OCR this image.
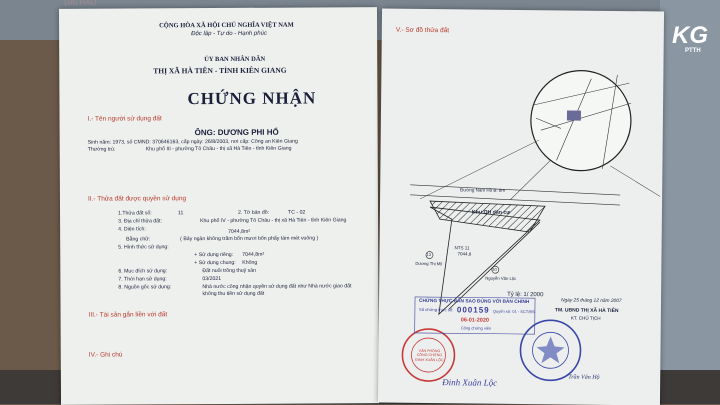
DAI HAU
CỘNG HÒA XÃ HỘI CHỦ NGHĨA VIỆT NAM
Độc lập - Tự do - Hạnh phúc
ỦY BAN NHÂN DÂN
THỊ XÃ HÀ TIÊN - TỈNH KIÊN GIANG
CHỨNG NHẬN
I.- Tên người sử dụng đất
ÔNG: DƯƠNG PHI HỔ
Sinh năm: 1973, số CMND: 370646163, cấp ngày: 26/8/2003, nơi cấp: Công an Kiên Giang
Thường trú:	Khu phố III - phường Tô Châu - thị xã Hà Tiên - tỉnh Kiên Giang
II.- Thửa đất được quyền sử dụng
1.Thửa đất số:	11	2. Tờ bản đồ:	TC - 02
3. Địa chỉ thửa đất:	Khu phố IV - phường Tô Châu - thị xã Hà Tiên - tỉnh Kiên Giang
4. Diện tích:	7044,8m²
Bằng chữ:	( Bảy ngàn không trăm bốn mươi bốn phẩy tám mét vuông )
5. Hình thức sử dụng:
+ Sử dụng riêng: 7044,8m²
+ Sử dụng chung: Không
6. Mục đích sử dụng:	Đất nuôi trồng thuỷ sản
7. Thời hạn sử dụng:	03/2021
8. Nguồn gốc sử dụng:	Nhà nước công nhận quyền sử dụng đất như Nhà nước giao đất
không thu tiền sử dụng đất
III.- Tài sản gắn liền với đất
IV.- Ghi chú
V.- Sơ đồ thửa đất
Đường Nam Hồ B: 8m
Khu QH dân cư
NTS 11
7044,8
13
Dương Thị Mỹ
10
Nguyễn Văn Lộc
Tỷ lệ: 1/ 2000
CHỨNG THỰC BẢN SAO ĐÚNG VỚI BẢN CHÍNH
Số chứng thực số: 000159 Quyển số: 01 - SCT/BS
06-01-2020
Công chứng viên
VĂN PHÒNG CÔNG CHỨNG ĐINH XUÂN LỘC
Đinh Xuân Lộc
Ngày 25 tháng 12 năm 2007
TM. UBND THỊ XÃ HÀ TIÊN
KT. CHỦ TỊCH
Trần Văn Hộ
KG
PTTH
